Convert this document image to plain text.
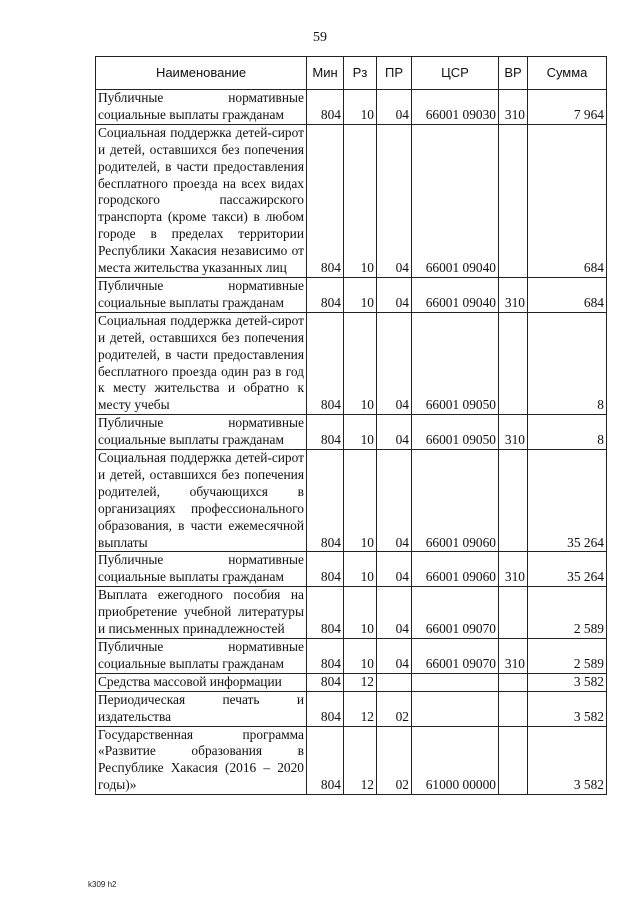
59
Наименование	Мин	Рз	ПР	ЦСР	ВР	Сумма
Публичные нормативные социальные выплаты гражданам	804	10	04	66001 09030	310	7 964
Социальная поддержка детей-сирот и детей, оставшихся без попечения родителей, в части предоставления бесплатного проезда на всех видах городского пассажирского транспорта (кроме такси) в любом городе в пределах территории Республики Хакасия независимо от места жительства указанных лиц	804	10	04	66001 09040		684
Публичные нормативные социальные выплаты гражданам	804	10	04	66001 09040	310	684
Социальная поддержка детей-сирот и детей, оставшихся без попечения родителей, в части предоставления бесплатного проезда один раз в год к месту жительства и обратно к месту учебы	804	10	04	66001 09050		8
Публичные нормативные социальные выплаты гражданам	804	10	04	66001 09050	310	8
Социальная поддержка детей-сирот и детей, оставшихся без попечения родителей, обучающихся в организациях профессионального образования, в части ежемесячной выплаты	804	10	04	66001 09060		35 264
Публичные нормативные социальные выплаты гражданам	804	10	04	66001 09060	310	35 264
Выплата ежегодного пособия на приобретение учебной литературы и письменных принадлежностей	804	10	04	66001 09070		2 589
Публичные нормативные социальные выплаты гражданам	804	10	04	66001 09070	310	2 589
Средства массовой информации	804	12				3 582
Периодическая печать и издательства	804	12	02			3 582
Государственная программа «Развитие образования в Республике Хакасия (2016 – 2020 годы)»	804	12	02	61000 00000		3 582
k309 h2
